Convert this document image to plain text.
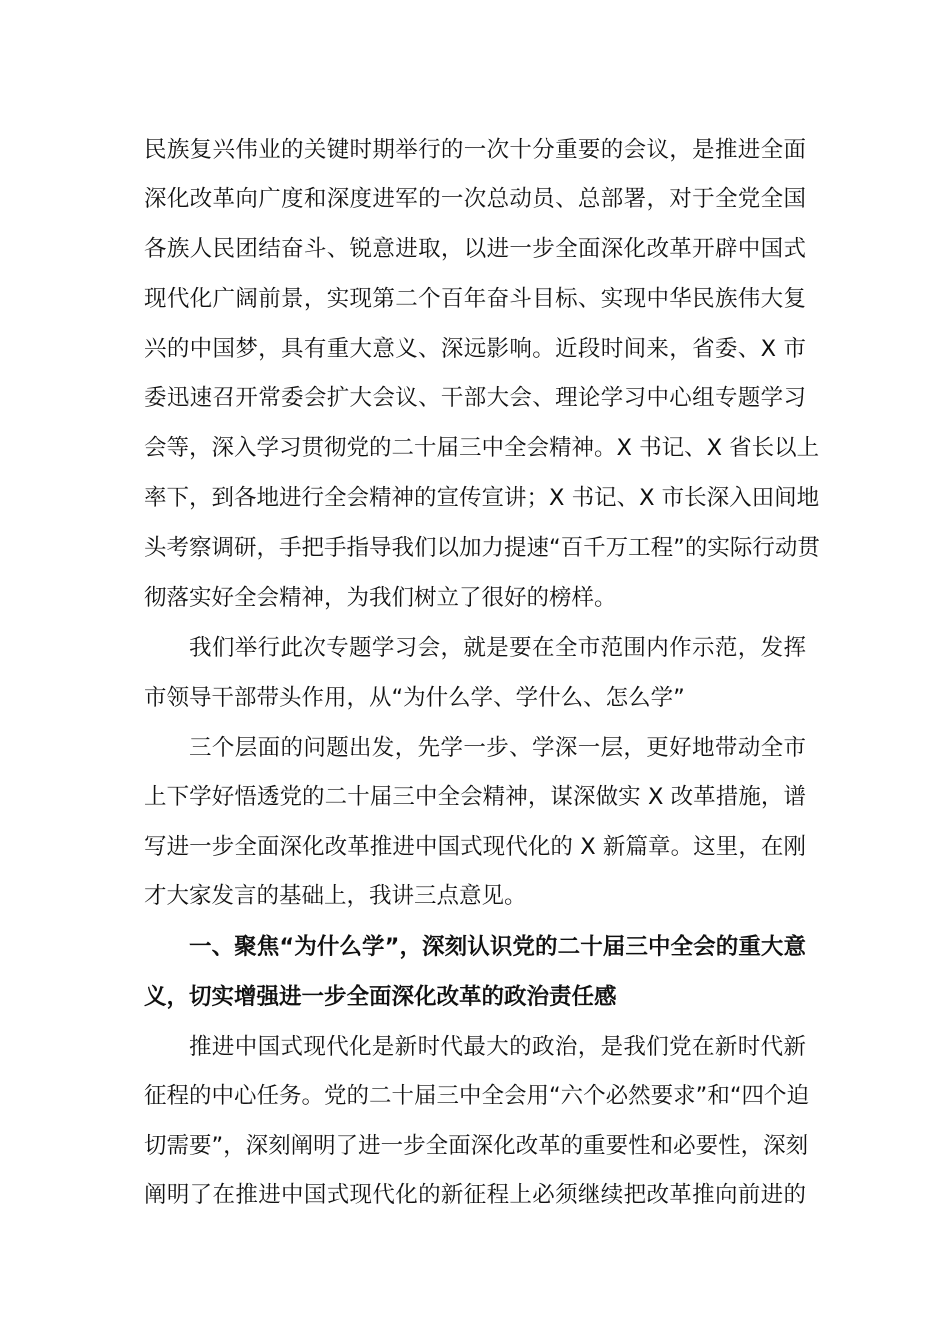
民族复兴伟业的关键时期举行的一次十分重要的会议，是推进全面
深化改革向广度和深度进军的一次总动员、总部署，对于全党全国
各族人民团结奋斗、锐意进取，以进一步全面深化改革开辟中国式
现代化广阔前景，实现第二个百年奋斗目标、实现中华民族伟大复
兴的中国梦，具有重大意义、深远影响。近段时间来，省委、X 市
委迅速召开常委会扩大会议、干部大会、理论学习中心组专题学习
会等，深入学习贯彻党的二十届三中全会精神。X 书记、X 省长以上
率下，到各地进行全会精神的宣传宣讲；X 书记、X 市长深入田间地
头考察调研，手把手指导我们以加力提速“百千万工程”的实际行动贯
彻落实好全会精神，为我们树立了很好的榜样。
我们举行此次专题学习会，就是要在全市范围内作示范，发挥
市领导干部带头作用，从“为什么学、学什么、怎么学”
三个层面的问题出发，先学一步、学深一层，更好地带动全市
上下学好悟透党的二十届三中全会精神，谋深做实 X 改革措施，谱
写进一步全面深化改革推进中国式现代化的 X 新篇章。这里，在刚
才大家发言的基础上，我讲三点意见。
一、聚焦“为什么学”，深刻认识党的二十届三中全会的重大意
义，切实增强进一步全面深化改革的政治责任感
推进中国式现代化是新时代最大的政治，是我们党在新时代新
征程的中心任务。党的二十届三中全会用“六个必然要求”和“四个迫
切需要”，深刻阐明了进一步全面深化改革的重要性和必要性，深刻
阐明了在推进中国式现代化的新征程上必须继续把改革推向前进的
